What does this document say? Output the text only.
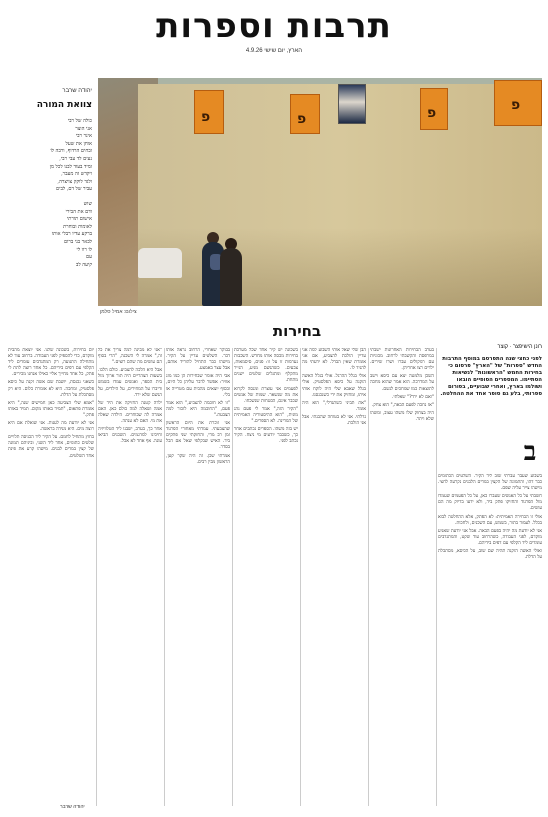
תרבות וספרות
הארץ, יום שישי 4.9.26
יהודה שרבר
צוואת המורה
כולה של רבי
אני הוצר
אינר רבי
אוחן את שעל
ובחים הרדוף, ורבה לו
נעים לד עבי רבי,
ומיד בעוד לבנו לכל מן
ויקדש זה מעבר,
ולגד לוקק צויצרה,
עביר של דם, לבים
שוש
ודם את הבירי
אישום תורתי
לאומות ובוחרת
ברקע עדיו רבלי אותו
לבאר בני ברום
לו רוו לי
עם
קיעה לב
פ	פ	פ	פ
צילום: אמיל סלמן
בחירות
רונן הישיפצר · קוצר
לפני כחצי שנה התפרסם במוסף התרבות החדש "ספרות" של "הארץ" פרסום כי בחירות החמש "הראשונות" לנשיאות הסתיימו. המספרים הסופיים הובאו ושולמו בארץ, ואחרי שבועיים, בפורום ספרותי, בלע גם סופר אחד את ההחלטה.
ב

בשבוע שעבר עברתי שוב ליד הקיר. השלטים הכתומים כבר דהו, והתמונה של הקצין במדים הלבנים נקרעה לחצי. מישהו צייר עליה שפם.

חשבתי על כל האנשים שעברו כאן, על כל הפעמים שעמדו מול הפרגוד והחזיקו פתק ביד, ולא ידעו בדיוק מה הם עושים.

אולי זו הבחירה האמיתית: לא הפתק, אלא ההחלטה לבוא בכלל. לעמוד בתור, בשמש, עם השכנים, ולחכות.

אני לא יודעת מה יהיה בפעם הבאה. אבל אני יודעת שאגיע מוקדם, לפני העבודה, כשהרחוב עוד שקט, והמתנדבים עומדים ליד הקלפי עם דפים בידיהם.

ואולי האשה הזקנה תהיה שם שוב, על הכיסא, מסתכלת על הדלת.

בערב הבחירות האחרונות ישבתי במרפסת והקשבתי לרחוב. מכוניות עם רמקולים עברו ושרו שירים. ילדים רצו אחריהן.

השכן מלמטה יצא עם כיסא וישב על המדרכה. הוא אמר שהוא מחכה לתוצאות כמו שמחכים לגשם.

"ואם לא ירד?" שאלתי.

"אז נחכה לפעם הבאה," הוא צחק.

היה בצחוק שלו משהו עצוב, ומשהו שלא ויתר.

הבן שלי שאל אותי השבוע למה אני עדיין הולכת להצביע, אם אני אומרת שאין הבדל. לא ידעתי מה להגיד לו.

אולי בגלל ההרגל. אולי בגלל האשה הזקנה על כיסא הפלסטיק. אולי בגלל שאבא שלי היה לוקח אותי איתו, ומחזיק את ידי כשנכנסנו.

"את תביני כשתגדלי," הוא היה אומר.

גדלתי. אני לא בטוחה שהבנתי. אבל אני הולכת.

בשכונה יש קיר אחד שכל מערכת בחירות מכסה אותו מחדש. השכבות נערמות זו על זו: פנים, סיסמאות, צבעים. כשהגשם מגיע, הנייר מתקלף ומתגלים שלטים ישנים מתחת.

לפעמים אני עוצרת ומנסה לקרוא את מה שנשאר. שמות של אנשים שכבר אינם, הבטחות שנשכחו.

"הקיר הזה," אמר לי פעם נהג מונית, "הוא ההיסטוריה האמיתית של המדינה. לא הספרים."

יש בזה משהו. הספרים נכתבים אחר כך, כשכבר יודעים מי ניצח. הקיר נכתב לפני.

בבוקר שאחרי, הרחוב נראה אותו דבר. השלטים עדיין על הקיר. מישהו כבר התחיל להוריד אותם, אבל עצר באמצע.

אבי היה אומר שבחירות הן כמו מזג אוויר: אפשר לדבר עליהן כל היום, ובסוף יוצאים מהבית עם מטרייה או בלי.

"זו לא חוכמה להצביע," הוא אמר פעם, "החוכמה היא לזכור למה הצבעת."

אני זוכרת את היום הראשון שהצבעתי. עמדתי מאחורי הפרגוד זמן רב מדי, והחזקתי שני פתקים ביד. האיש שבקלפי שאל אם הכל בסדר.

אמרתי שכן. זה היה שקר קטן, הראשון מבין רבים.

"אני לא מבינה למה צריך את כל זה," אמרה לי השכנה, "הרי בסוף הם עושים מה שהם רוצים."

אבל היא הלכה להצביע. כולם הלכו. בשעות הצהריים היה תור ארוך מול בית הספר, ואנשים עמדו בשמש ודיברו על המחירים, על הילדים, על הגשם שלא ירד.

ילדה קטנה החזיקה את היד של אמה ושאלה למה כולם כאן. האם אמרה לה שבוחרים. הילדה שאלה את מי. האם לא ענתה.

אחר כך, בערב, ישבנו ליד הטלוויזיה וחיכינו למדגמים. השכנים הביאו עוגה. אף אחד לא אכל.

יום בחירות, בשכונה שלנו. אני יוצאת מהבית מוקדם, כדי להספיק לפני העבודה. ברחוב עוד לא מתחילה התנועה, רק המתנדבים עומדים ליד הקלפי עם דפים בידיהם. כל אחד רוצה לתת לי פתק, כל אחד מחייך אליי כאילו אנחנו מכירים.

כשאני נכנסת, יושבת שם אשה זקנה על כיסא פלסטיק, ומחכה. היא לא אומרת כלום. היא רק מסתכלת על הדלת.

"אמא שלי הצביעה כאן חמישים שנה," היא אומרת פתאום, "תמיד באותו מקום. תמיד באותו פתק."

אני לא יודעת מה לענות. אני שואלת אם היא רוצה מים. היא מנידה בראשה.

בחוץ מתחיל לחמם. על הקיר ליד הכניסה תלויים שלטים כתומים, אחד ליד השני, וביניהם תמונה של קצין במדים לבנים. מישהו קרע את פינת אחד השלטים.

יהודה שרבר
